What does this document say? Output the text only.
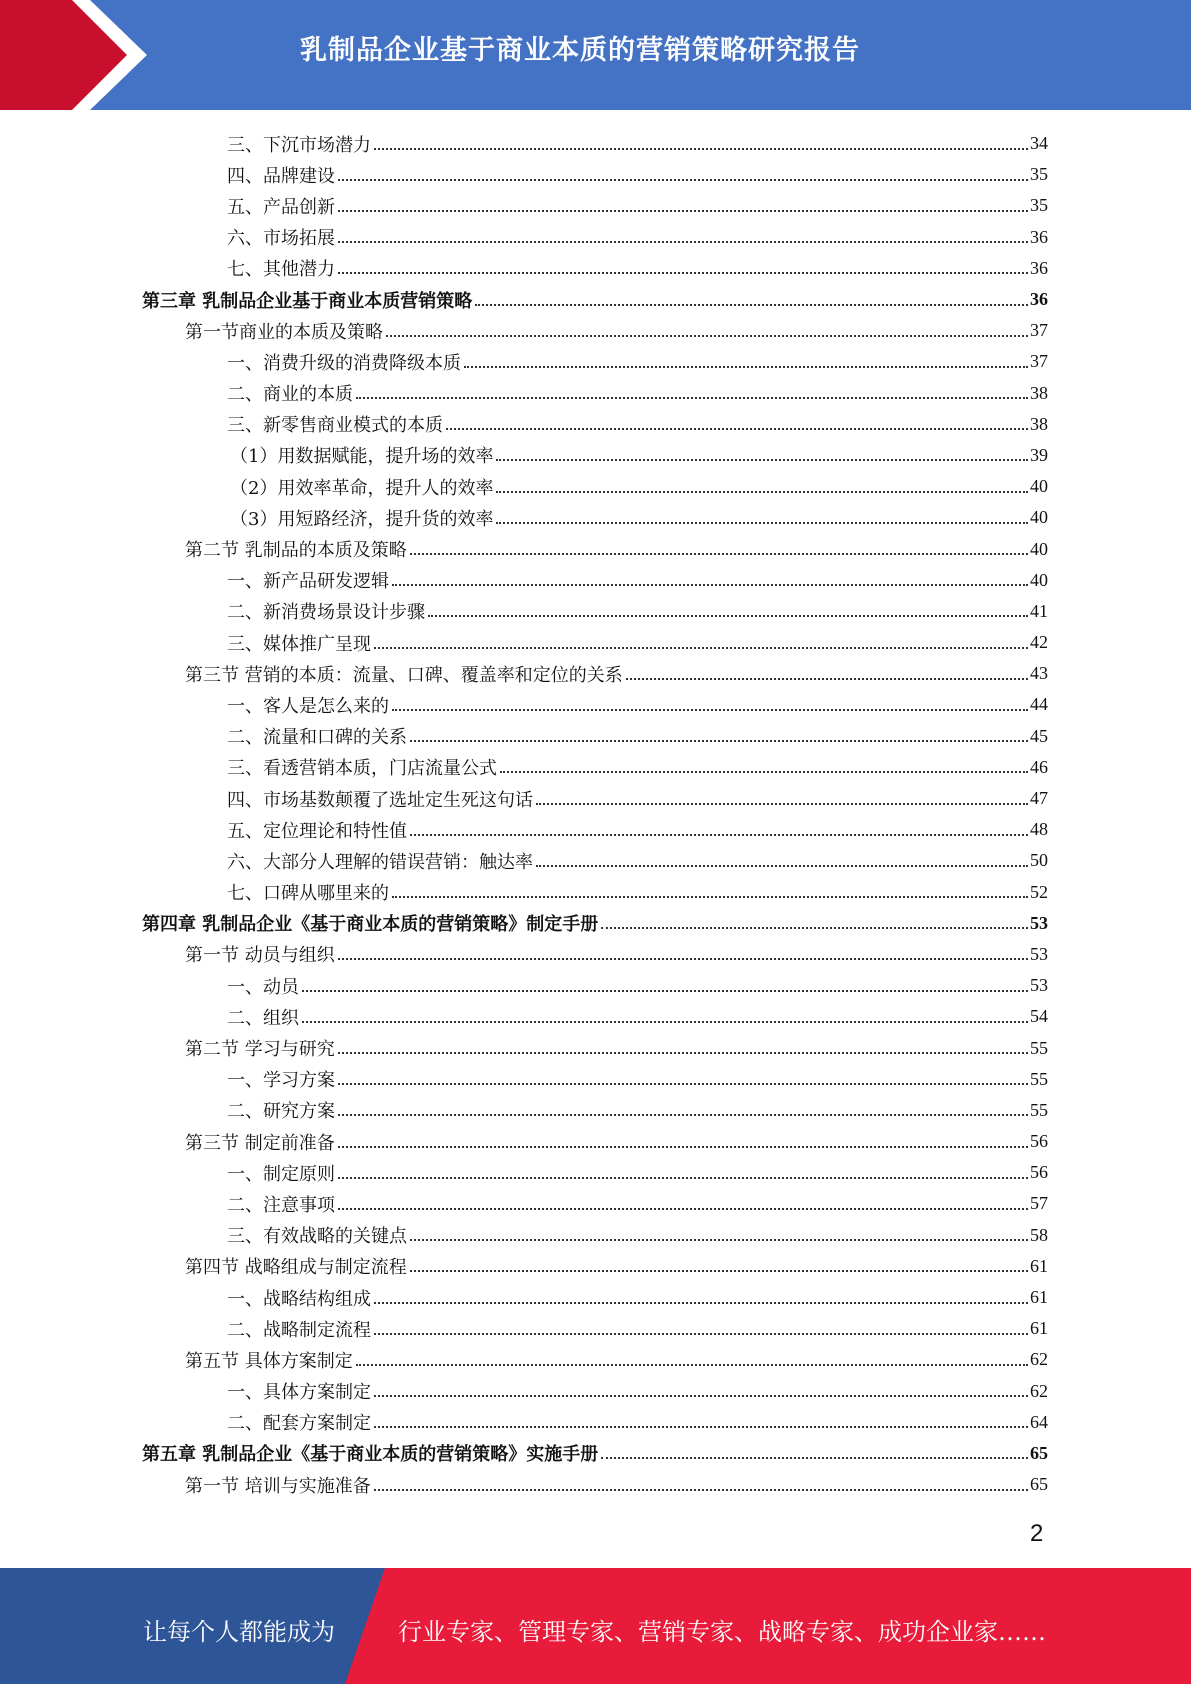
乳制品企业基于商业本质的营销策略研究报告
三、下沉市场潜力	34
四、品牌建设	35
五、产品创新	35
六、市场拓展	36
七、其他潜力	36
第三章 乳制品企业基于商业本质营销策略	36
第一节商业的本质及策略	37
一、消费升级的消费降级本质	37
二、商业的本质	38
三、新零售商业模式的本质	38
（1）用数据赋能，提升场的效率	39
（2）用效率革命，提升人的效率	40
（3）用短路经济，提升货的效率	40
第二节 乳制品的本质及策略	40
一、新产品研发逻辑	40
二、新消费场景设计步骤	41
三、媒体推广呈现	42
第三节 营销的本质：流量、口碑、覆盖率和定位的关系	43
一、客人是怎么来的	44
二、流量和口碑的关系	45
三、看透营销本质，门店流量公式	46
四、市场基数颠覆了选址定生死这句话	47
五、定位理论和特性值	48
六、大部分人理解的错误营销：触达率	50
七、口碑从哪里来的	52
第四章 乳制品企业《基于商业本质的营销策略》制定手册	53
第一节 动员与组织	53
一、动员	53
二、组织	54
第二节 学习与研究	55
一、学习方案	55
二、研究方案	55
第三节 制定前准备	56
一、制定原则	56
二、注意事项	57
三、有效战略的关键点	58
第四节 战略组成与制定流程	61
一、战略结构组成	61
二、战略制定流程	61
第五节 具体方案制定	62
一、具体方案制定	62
二、配套方案制定	64
第五章 乳制品企业《基于商业本质的营销策略》实施手册	65
第一节 培训与实施准备	65
2
让每个人都能成为	行业专家、管理专家、营销专家、战略专家、成功企业家……
